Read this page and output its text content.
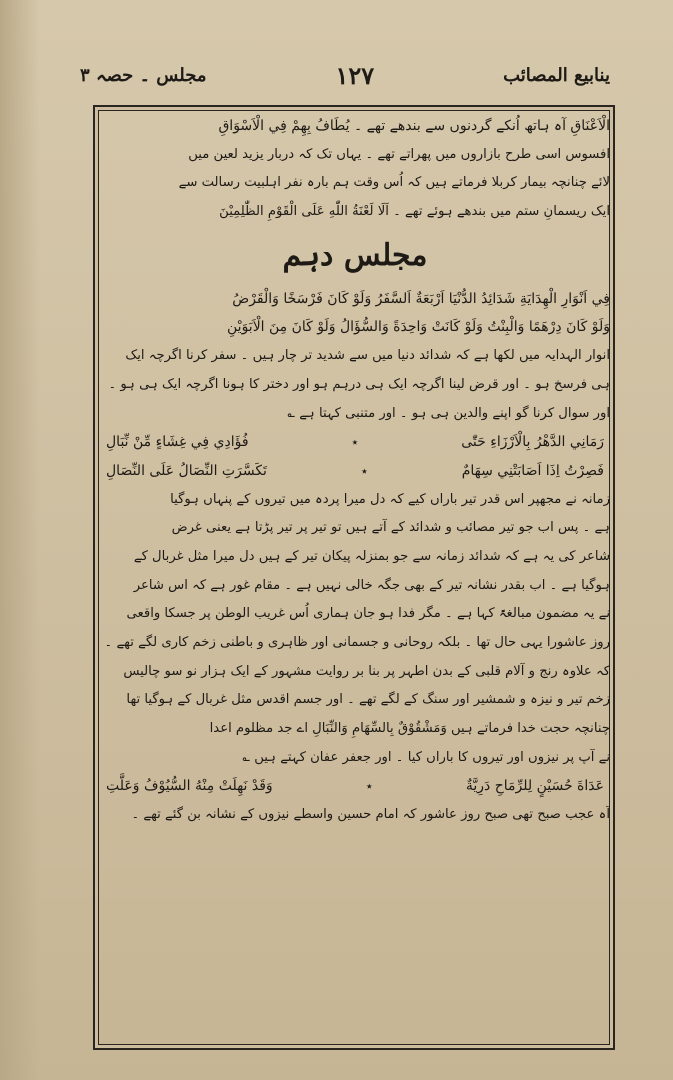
مجلس ۔ حصہ ۳	۱۲۷	ینابیع المصائب
الْاَعْنَاقِ آہ ہاتھ اُنکے گردنوں سے بندھے تھے ۔ يُطَافُ بِهِمْ فِي الْاَسْوَاقِ
افسوس اسی طرح بازاروں میں پھراتے تھے ۔ یہاں تک کہ دربار یزید لعین میں
لائے چنانچہ بیمار کربلا فرماتے ہیں کہ اُس وقت ہم بارہ نفر اہلبیت رسالت سے
ایک ریسمانِ ستم میں بندھے ہوئے تھے ۔ اَلَا لَعْنَةُ اللّٰهِ عَلَى الْقَوْمِ الظّٰلِمِيْنَ
مجلس دہم
فِي اَنْوَارِ الْهِدَايَةِ شَدَائِدُ الدُّنْيَا اَرْبَعَةٌ اَلسَّفَرُ وَلَوْ كَانَ فَرْسَخًا وَالْقَرْضُ
وَلَوْ كَانَ دِرْهَمًا وَالْبِنْتُ وَلَوْ كَانَتْ وَاحِدَةً وَالسُّؤَالُ وَلَوْ كَانَ مِنَ الْاَبَوَيْنِ
انوار الہدایہ میں لکھا ہے کہ شدائد دنیا میں سے شدید تر چار ہیں ۔ سفر کرنا اگرچہ ایک
ہی فرسخ ہو ۔ اور قرض لینا اگرچہ ایک ہی درہم ہو اور دختر کا ہونا اگرچہ ایک ہی ہو ۔
اور سوال کرنا گو اپنے والدین ہی ہو ۔ اور متنبی کہتا ہے ؎
رَمَانِي الدَّهْرُ بِالْاَرْزَاءِ حَتّٰى
٭
فُؤَادِي فِي غِشَاءٍ مِّنْ نِّبَالِ
فَصِرْتُ اِذَا اَصَابَتْنِي سِهَامٌ
٭
تَكَسَّرَتِ النِّصَالُ عَلَى النِّصَالِ
زمانہ نے مجھپر اس قدر تیر باراں کیے کہ دل میرا پردہ میں تیروں کے پنہاں ہوگیا
ہے ۔ پس اب جو تیر مصائب و شدائد کے آتے ہیں تو تیر پر تیر پڑتا ہے یعنی غرض
شاعر کی یہ ہے کہ شدائد زمانہ سے جو بمنزلہ پیکان تیر کے ہیں دل میرا مثل غربال کے
ہوگیا ہے ۔ اب بقدر نشانہ تیر کے بھی جگہ خالی نہیں ہے ۔ مقام غور ہے کہ اس شاعر
نے یہ مضمون مبالغۃً کہا ہے ۔ مگر فدا ہو جان ہماری اُس غریب الوطن پر جسکا واقعی
روز عاشورا یہی حال تھا ۔ بلکہ روحانی و جسمانی اور ظاہری و باطنی زخم کاری لگے تھے ۔
کہ علاوہ رنج و آلام قلبی کے بدن اطہر پر بنا بر روایت مشہور کے ایک ہزار نو سو چالیس
زخم تیر و نیزہ و شمشیر اور سنگ کے لگے تھے ۔ اور جسم اقدس مثل غربال کے ہوگیا تھا
چنانچہ حجت خدا فرماتے ہیں وَمَشْقُوْقٌ بِالسِّهَامِ وَالنِّبَالِ اے جد مظلوم اعدا
نے آپ پر نیزوں اور تیروں کا باراں کیا ۔ اور جعفر عفان کہتے ہیں ؎
عَدَاةَ حُسَيْنٍ لِلرِّمَاحِ دَرِيَّةٌ
٭
وَقَدْ نَهِلَتْ مِنْهُ السُّيُوْفُ وَعَلَّتِ
آہ عجب صبح تھی صبح روز عاشور کہ امام حسین واسطے نیزوں کے نشانہ بن گئے تھے ۔
